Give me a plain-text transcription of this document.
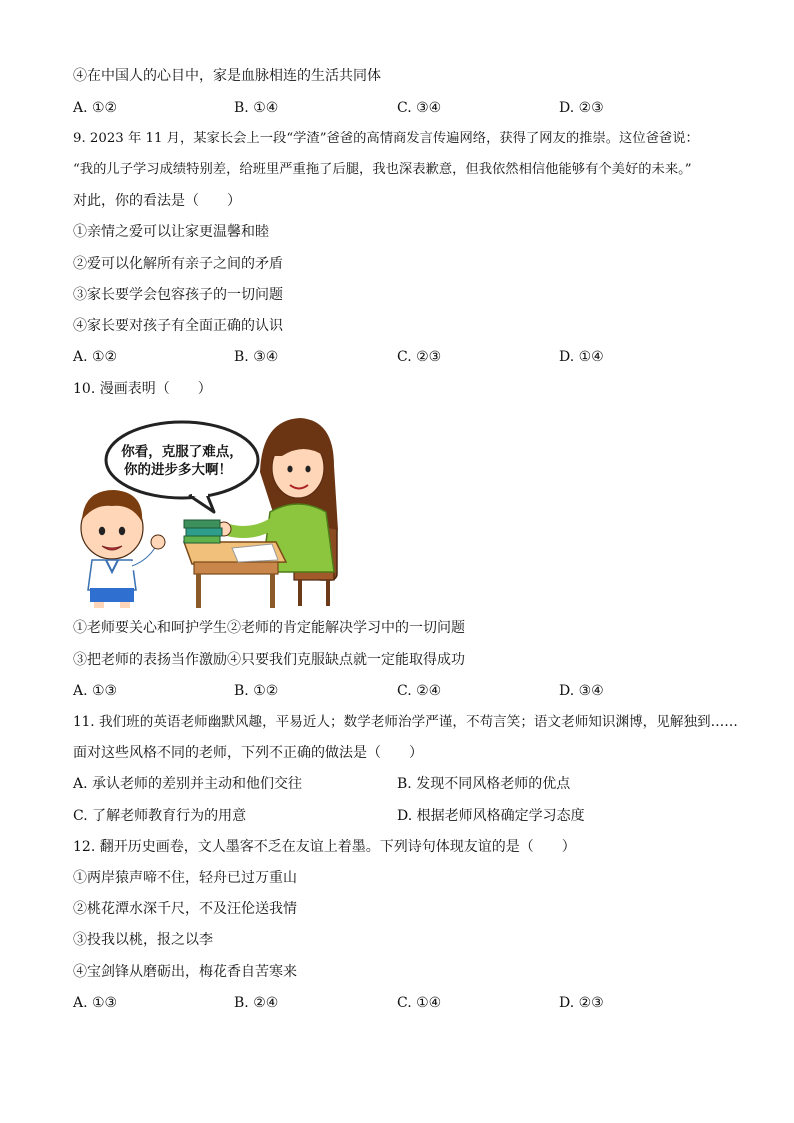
④在中国人的心目中，家是血脉相连的生活共同体
A. ①②	B. ①④	C. ③④	D. ②③
9. 2023 年 11 月，某家长会上一段“学渣”爸爸的高情商发言传遍网络，获得了网友的推崇。这位爸爸说：
“我的儿子学习成绩特别差，给班里严重拖了后腿，我也深表歉意，但我依然相信他能够有个美好的未来。”
对此，你的看法是（　　）
①亲情之爱可以让家更温馨和睦
②爱可以化解所有亲子之间的矛盾
③家长要学会包容孩子的一切问题
④家长要对孩子有全面正确的认识
A. ①②	B. ③④	C. ②③	D. ①④
10. 漫画表明（　　）
你看，克服了难点，
你的进步多大啊！
①老师要关心和呵护学生②老师的肯定能解决学习中的一切问题
③把老师的表扬当作激励④只要我们克服缺点就一定能取得成功
A. ①③	B. ①②	C. ②④	D. ③④
11. 我们班的英语老师幽默风趣，平易近人；数学老师治学严谨，不苟言笑；语文老师知识渊博，见解独到……
面对这些风格不同的老师，下列不正确的做法是（　　）
A. 承认老师的差别并主动和他们交往	B. 发现不同风格老师的优点
C. 了解老师教育行为的用意	D. 根据老师风格确定学习态度
12. 翻开历史画卷，文人墨客不乏在友谊上着墨。下列诗句体现友谊的是（　　）
①两岸猿声啼不住，轻舟已过万重山
②桃花潭水深千尺，不及汪伦送我情
③投我以桃，报之以李
④宝剑锋从磨砺出，梅花香自苦寒来
A. ①③	B. ②④	C. ①④	D. ②③
